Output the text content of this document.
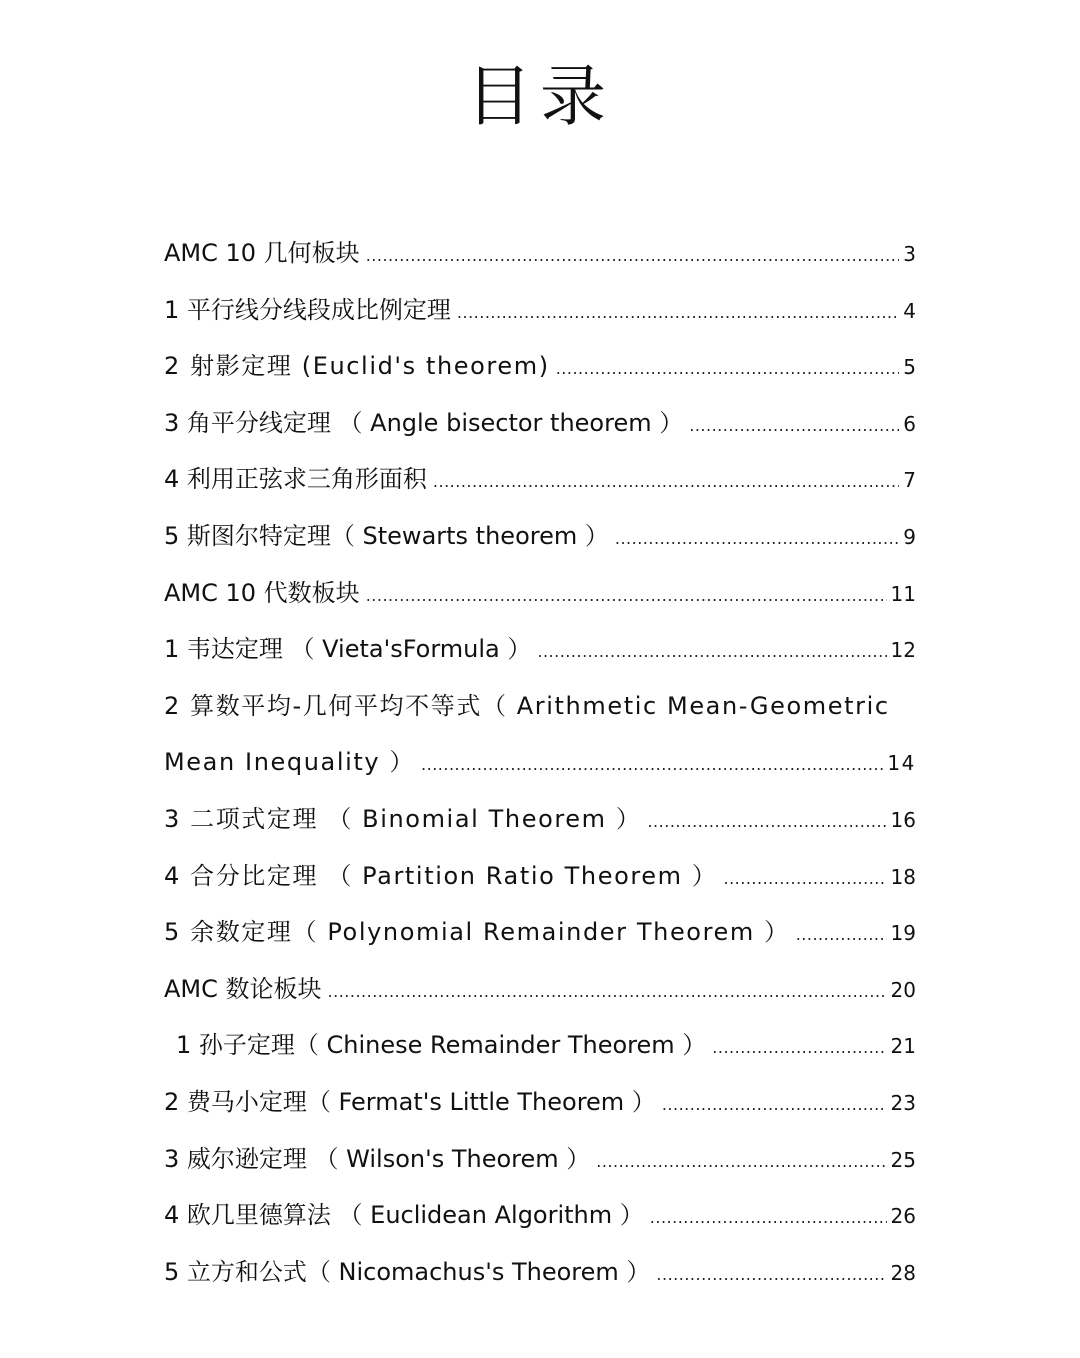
目录
AMC 10 几何板块 .....	3
1 平行线分线段成比例定理 .....	4
2 射影定理 (Euclid's theorem) .....	5
3 角平分线定理 （ Angle bisector theorem ） .....	6
4 利用正弦求三角形面积 .....	7
5 斯图尔特定理（ Stewarts theorem ） .....	9
AMC 10 代数板块 .....	11
1 韦达定理 （ Vieta'sFormula ） .....	12
2 算数平均-几何平均不等式（ Arithmetic Mean-Geometric
Mean Inequality ） .....	14
3 二项式定理 （ Binomial Theorem ） .....	16
4 合分比定理 （ Partition Ratio Theorem ） .....	18
5 余数定理（ Polynomial Remainder Theorem ） .....	19
AMC 数论板块 .....	20
1 孙子定理（ Chinese Remainder Theorem ） .....	21
2 费马小定理（ Fermat's Little Theorem ） .....	23
3 威尔逊定理 （ Wilson's Theorem ） .....	25
4 欧几里德算法 （ Euclidean Algorithm ） .....	26
5 立方和公式（ Nicomachus's Theorem ） .....	28
